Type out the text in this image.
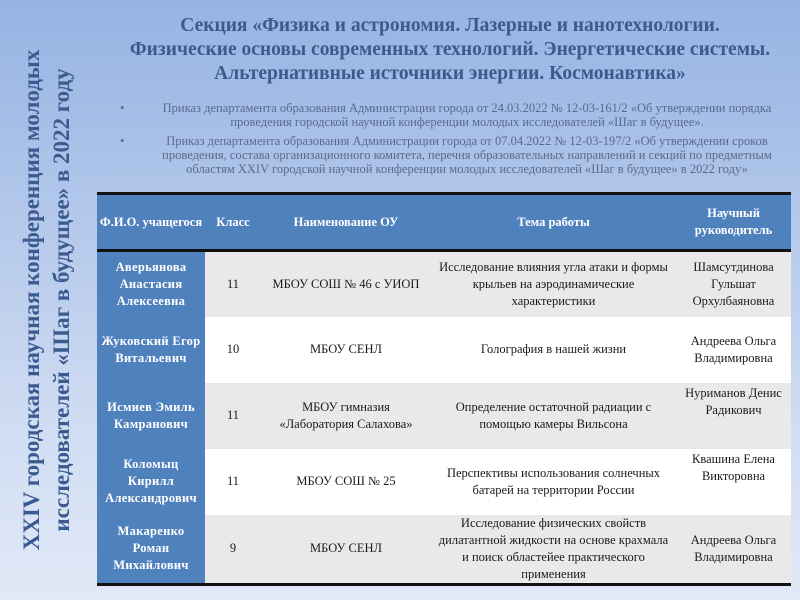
XXIV городская научная конференция молодых исследователей «Шаг в будущее» в 2022 году
Секция «Физика и астрономия. Лазерные и нанотехнологии.
Физические основы современных технологий. Энергетические системы.
Альтернативные источники энергии. Космонавтика»
•	Приказ департамента образования Администрации города от 24.03.2022 № 12-03-161/2 «Об утверждении порядка проведения городской научной конференции молодых исследователей «Шаг в будущее».
•	Приказ департамента образования Администрации города от 07.04.2022 № 12-03-197/2 «Об утверждении сроков проведения, состава организационного комитета, перечня образовательных направлений и секций по предметным областям XXIV городской научной конференции молодых исследователей «Шаг в будущее» в 2022 году»
Ф.И.О. учащегося	Класс	Наименование ОУ	Тема работы	Научный руководитель
Аверьянова Анастасия Алексеевна	11	МБОУ СОШ № 46 с УИОП	Исследование влияния угла атаки и формы крыльев на аэродинамические характеристики	Шамсутдинова Гульшат Орхулбаяновна
Жуковский Егор Витальевич	10	МБОУ СЕНЛ	Голография в нашей жизни	Андреева Ольга Владимировна
Исмиев Эмиль Камранович	11	МБОУ гимназия «Лаборатория Салахова»	Определение остаточной радиации с помощью камеры Вильсона	Нуриманов Денис Радикович
Коломыц Кирилл Александрович	11	МБОУ СОШ № 25	Перспективы использования солнечных батарей на территории России	Квашина Елена Викторовна
Макаренко Роман Михайлович	9	МБОУ СЕНЛ	Исследование физических свойств дилатантной жидкости на основе крахмала и поиск областейее практического применения	Андреева Ольга Владимировна
